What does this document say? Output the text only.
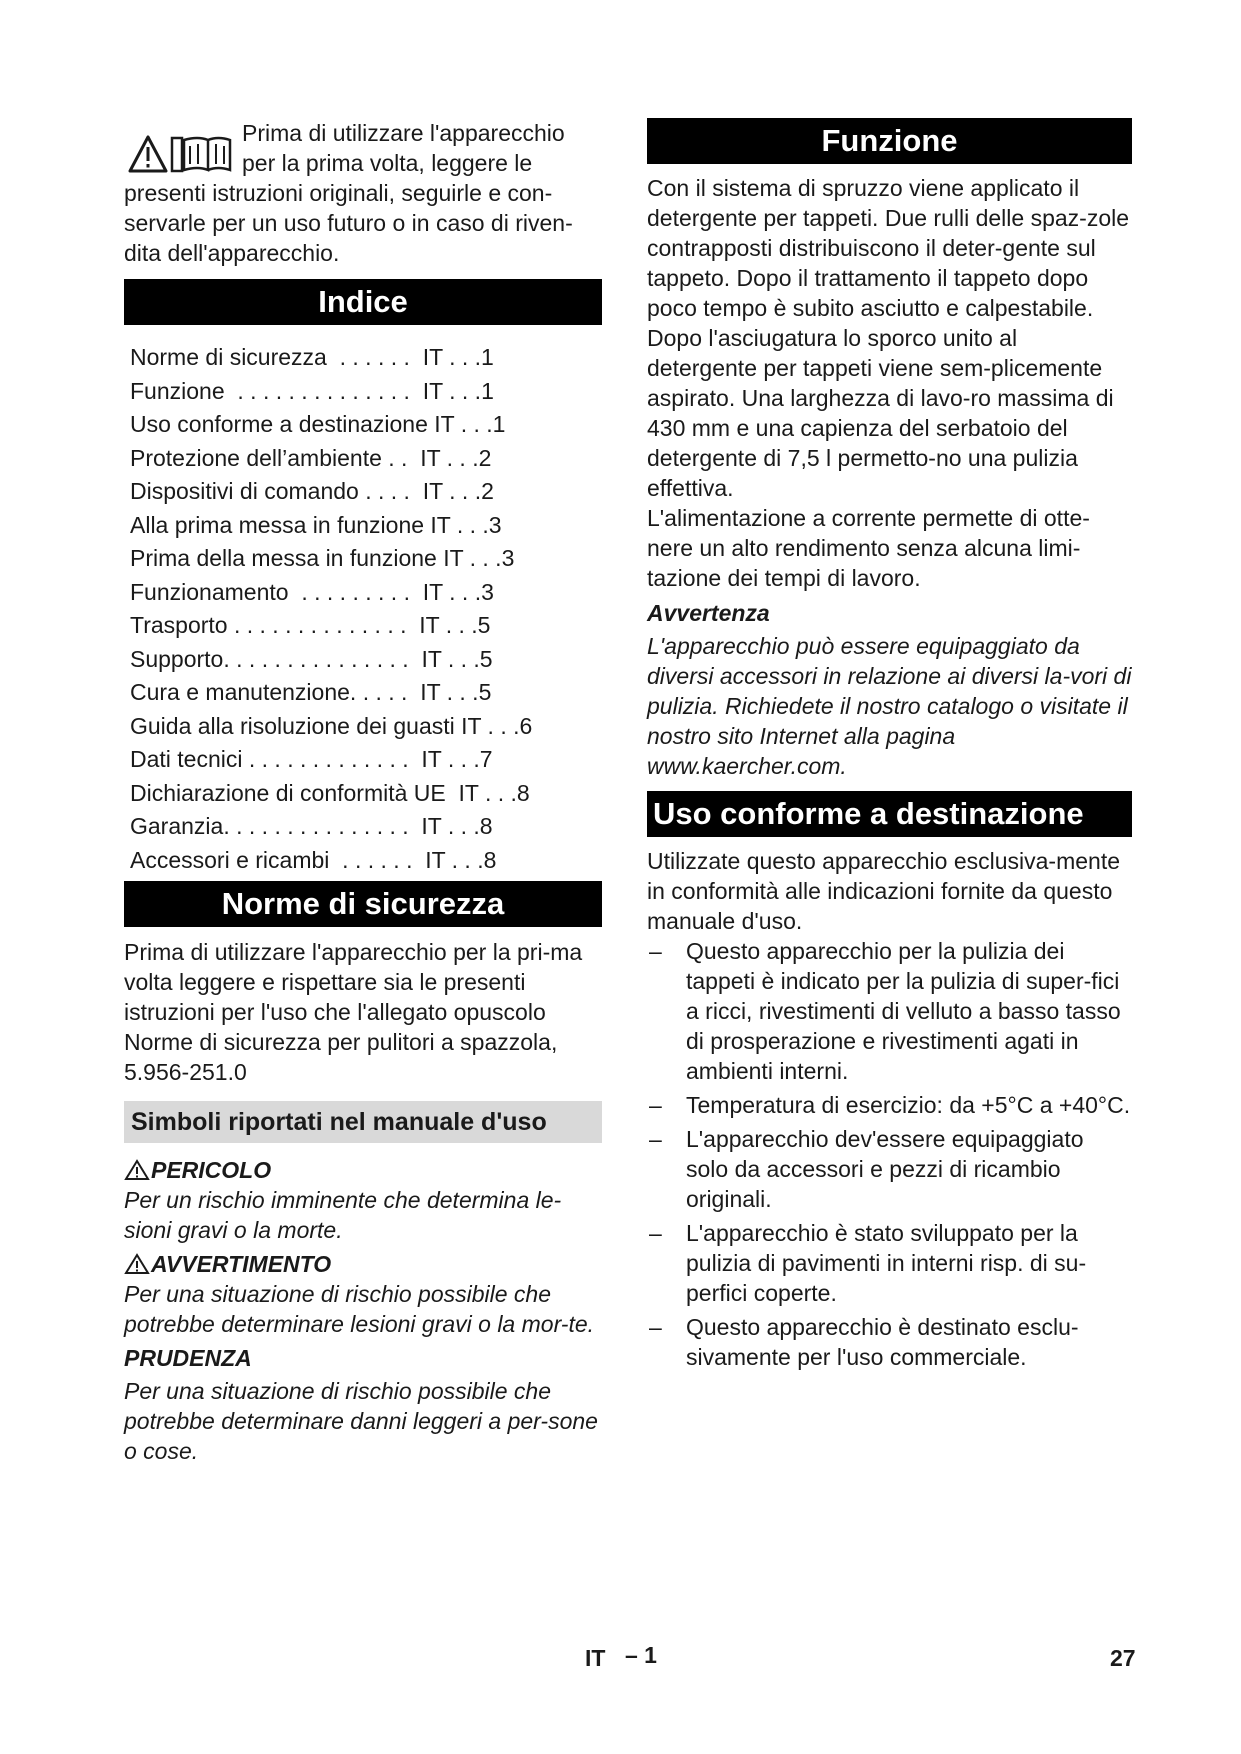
Prima di utilizzare l'apparecchio

per la prima volta, leggere le

presenti istruzioni originali, seguirle e con-servarle per un uso futuro o in caso di riven-dita dell'apparecchio.

Indice
Norme di sicurezza  . . . . . .  IT . . .1
Funzione  . . . . . . . . . . . . . .  IT . . .1
Uso conforme a destinazione IT . . .1
Protezione dell’ambiente . .  IT . . .2
Dispositivi di comando . . . .  IT . . .2
Alla prima messa in funzione IT . . .3
Prima della messa in funzione IT . . .3
Funzionamento  . . . . . . . . .  IT . . .3
Trasporto . . . . . . . . . . . . . .  IT . . .5
Supporto. . . . . . . . . . . . . . .  IT . . .5
Cura e manutenzione. . . . .  IT . . .5
Guida alla risoluzione dei guasti IT . . .6
Dati tecnici . . . . . . . . . . . . .  IT . . .7
Dichiarazione di conformità UE  IT . . .8
Garanzia. . . . . . . . . . . . . . .  IT . . .8
Accessori e ricambi  . . . . . .  IT . . .8
Norme di sicurezza

Prima di utilizzare l'apparecchio per la pri-ma volta leggere e rispettare sia le presenti istruzioni per l'uso che l'allegato opuscolo Norme di sicurezza per pulitori a spazzola, 5.956-251.0

Simboli riportati nel manuale d'uso

PERICOLO

Per un rischio imminente che determina le-sioni gravi o la morte.

AVVERTIMENTO

Per una situazione di rischio possibile che potrebbe determinare lesioni gravi o la mor-te.

PRUDENZA

Per una situazione di rischio possibile che potrebbe determinare danni leggeri a per-sone o cose.

Funzione

Con il sistema di spruzzo viene applicato il detergente per tappeti. Due rulli delle spaz-zole contrapposti distribuiscono il deter-gente sul tappeto. Dopo il trattamento il tappeto dopo poco tempo è subito asciutto e calpestabile. Dopo l'asciugatura lo sporco unito al detergente per tappeti viene sem-plicemente aspirato. Una larghezza di lavo-ro massima di 430 mm e una capienza del serbatoio del detergente di 7,5 l permetto-no una pulizia effettiva.

L'alimentazione a corrente permette di otte-nere un alto rendimento senza alcuna limi-tazione dei tempi di lavoro.

Avvertenza

L'apparecchio può essere equipaggiato da diversi accessori in relazione ai diversi la-vori di pulizia. Richiedete il nostro catalogo o visitate il nostro sito Internet alla pagina www.kaercher.com.

Uso conforme a destinazione

Utilizzate questo apparecchio esclusiva-mente in conformità alle indicazioni fornite da questo manuale d'uso.

– Questo apparecchio per la pulizia dei tappeti è indicato per la pulizia di super-fici a ricci, rivestimenti di velluto a basso tasso di prosperazione e rivestimenti agati in ambienti interni.
– Temperatura di esercizio: da +5°C a +40°C.
– L'apparecchio dev'essere equipaggiato solo da accessori e pezzi di ricambio originali.
– L'apparecchio è stato sviluppato per la pulizia di pavimenti in interni risp. di su-perfici coperte.
– Questo apparecchio è destinato esclu-sivamente per l'uso commerciale.
IT – 1	27
